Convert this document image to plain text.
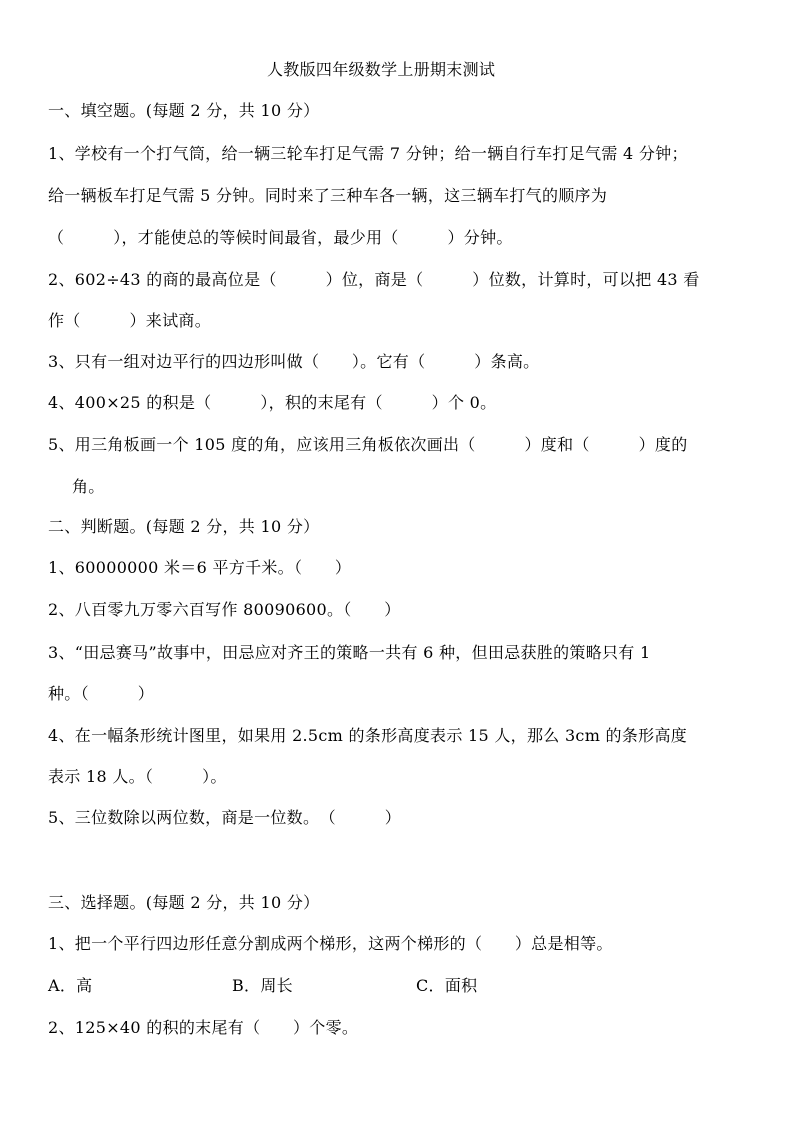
人教版四年级数学上册期末测试
一、填空题。(每题 2 分，共 10 分）
1、学校有一个打气筒，给一辆三轮车打足气需 7 分钟；给一辆自行车打足气需 4 分钟；
给一辆板车打足气需 5 分钟。同时来了三种车各一辆，这三辆车打气的顺序为
（　　　），才能使总的等候时间最省，最少用（　　　）分钟。
2、602÷43 的商的最高位是（　　　）位，商是（　　　）位数，计算时，可以把 43 看
作（　　　）来试商。
3、只有一组对边平行的四边形叫做（　　）。它有（　　　）条高。
4、400×25 的积是（　　　），积的末尾有（　　　）个 0。
5、用三角板画一个 105 度的角，应该用三角板依次画出（　　　）度和（　　　）度的
角。
二、判断题。(每题 2 分，共 10 分）
1、60000000 米＝6 平方千米。（　　）
2、八百零九万零六百写作 80090600。（　　）
3、“田忌赛马”故事中，田忌应对齐王的策略一共有 6 种，但田忌获胜的策略只有 1
种。（　　　）
4、在一幅条形统计图里，如果用 2.5cm 的条形高度表示 15 人，那么 3cm 的条形高度
表示 18 人。（　　　）。
5、三位数除以两位数，商是一位数。　（　　　）
三、选择题。(每题 2 分，共 10 分）
1、把一个平行四边形任意分割成两个梯形，这两个梯形的（　　）总是相等。
A．高	B．周长	C．面积
2、125×40 的积的末尾有（　　）个零。
